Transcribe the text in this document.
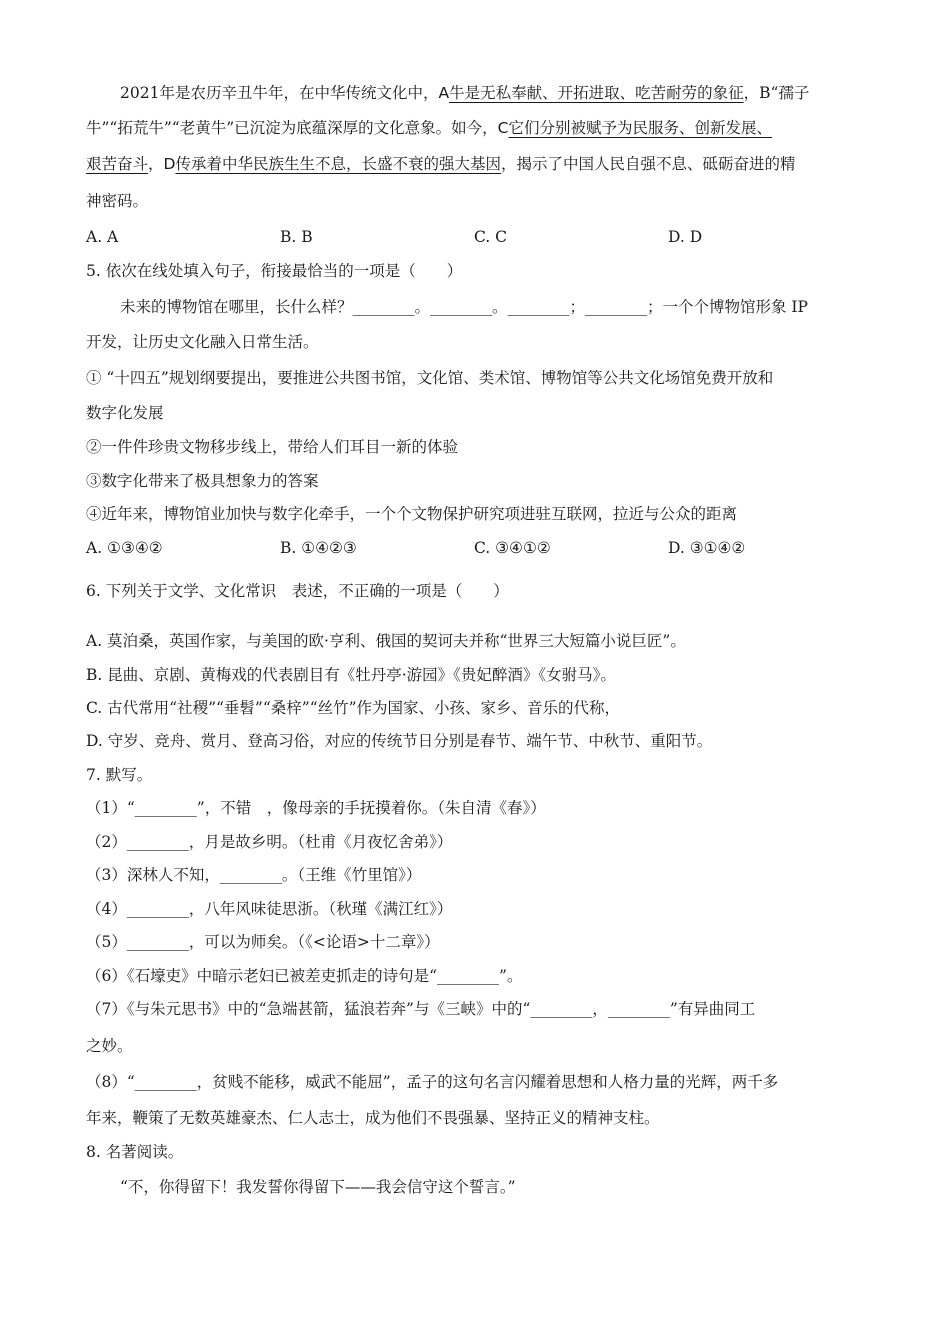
2021年是农历辛丑牛年，在中华传统文化中，A牛是无私奉献、开拓进取、吃苦耐劳的象征，B“孺子
牛”“拓荒牛”“老黄牛”已沉淀为底蕴深厚的文化意象。如今，C它们分别被赋予为民服务、创新发展、
艰苦奋斗，D传承着中华民族生生不息，长盛不衰的强大基因，揭示了中国人民自强不息、砥砺奋进的精
神密码。
A. A	B. B	C. C	D. D
5. 依次在线处填入句子，衔接最恰当的一项是（　　）
未来的博物馆在哪里，长什么样？________。________。________；________；一个个博物馆形象 IP
开发，让历史文化融入日常生活。
① “十四五”规划纲要提出，要推进公共图书馆，文化馆、类术馆、博物馆等公共文化场馆免费开放和
数字化发展
②一件件珍贵文物移步线上，带给人们耳目一新的体验
③数字化带来了极具想象力的答案
④近年来，博物馆业加快与数字化牵手，一个个文物保护研究项进驻互联网，拉近与公众的距离
A. ①③④②	B. ①④②③	C. ③④①②	D. ③①④②
6. 下列关于文学、文化常识　表述，不正确的一项是（　　）
A. 莫泊桑，英国作家，与美国的欧·亨利、俄国的契诃夫并称“世界三大短篇小说巨匠”。
B. 昆曲、京剧、黄梅戏的代表剧目有《牡丹亭·游园》《贵妃醉酒》《女驸马》。
C. 古代常用“社稷”“垂髫”“桑梓”“丝竹”作为国家、小孩、家乡、音乐的代称，
D. 守岁、竞舟、赏月、登高习俗，对应的传统节日分别是春节、端午节、中秋节、重阳节。
7. 默写。
（1）“________”，不错　，像母亲的手抚摸着你。（朱自清《春》）
（2）________，月是故乡明。（杜甫《月夜忆舍弟》）
（3）深林人不知，________。（王维《竹里馆》）
（4）________，八年风味徒思浙。（秋瑾《满江红》）
（5）________，可以为师矣。（《<论语>十二章》）
（6）《石壕吏》中暗示老妇已被差吏抓走的诗句是“________”。
（7）《与朱元思书》中的“急端甚箭，猛浪若奔”与《三峡》中的“________，________”有异曲同工
之妙。
（8）“________，贫贱不能移，威武不能屈”，孟子的这句名言闪耀着思想和人格力量的光辉，两千多
年来，鞭策了无数英雄豪杰、仁人志士，成为他们不畏强暴、坚持正义的精神支柱。
8. 名著阅读。
“不，你得留下！我发誓你得留下——我会信守这个誓言。”
